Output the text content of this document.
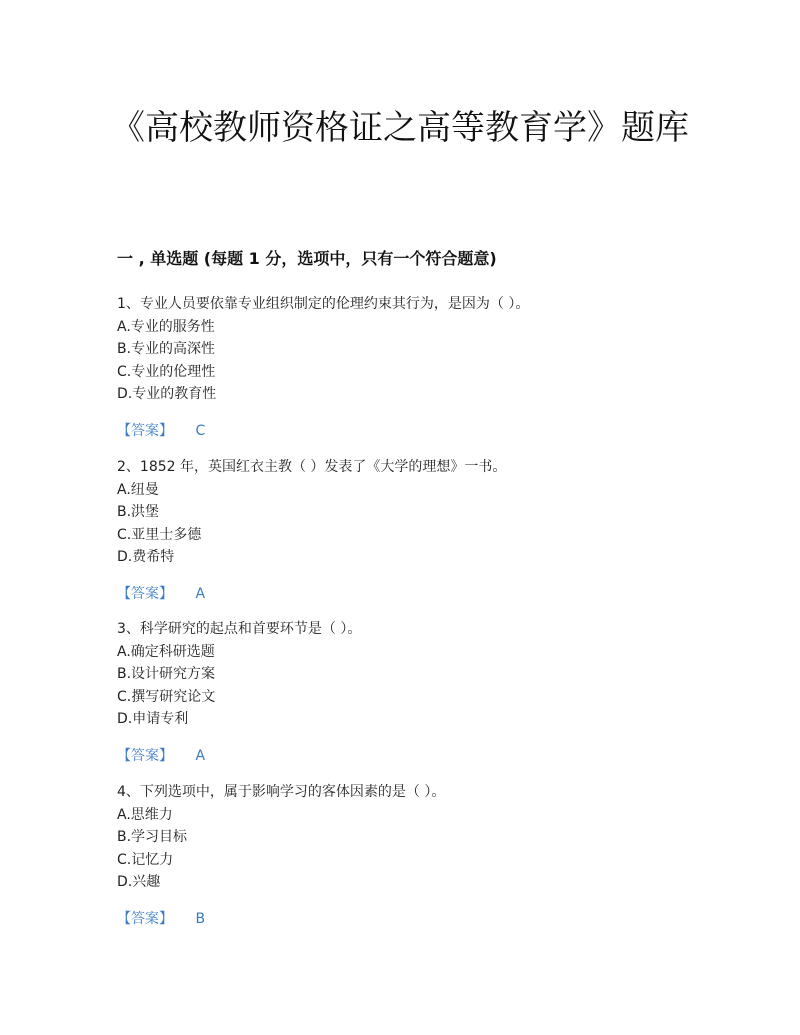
《高校教师资格证之高等教育学》题库
一 , 单选题 (每题 1 分，选项中，只有一个符合题意)

1、专业人员要依靠专业组织制定的伦理约束其行为，是因为（ ）。

A.专业的服务性

B.专业的高深性

C.专业的伦理性

D.专业的教育性

【答案】 C

2、1852 年，英国红衣主教（ ）发表了《大学的理想》一书。

A.纽曼

B.洪堡

C.亚里士多德

D.费希特

【答案】 A

3、科学研究的起点和首要环节是（ ）。

A.确定科研选题

B.设计研究方案

C.撰写研究论文

D.申请专利

【答案】 A

4、下列选项中，属于影响学习的客体因素的是（ ）。

A.思维力

B.学习目标

C.记忆力

D.兴趣

【答案】 B
